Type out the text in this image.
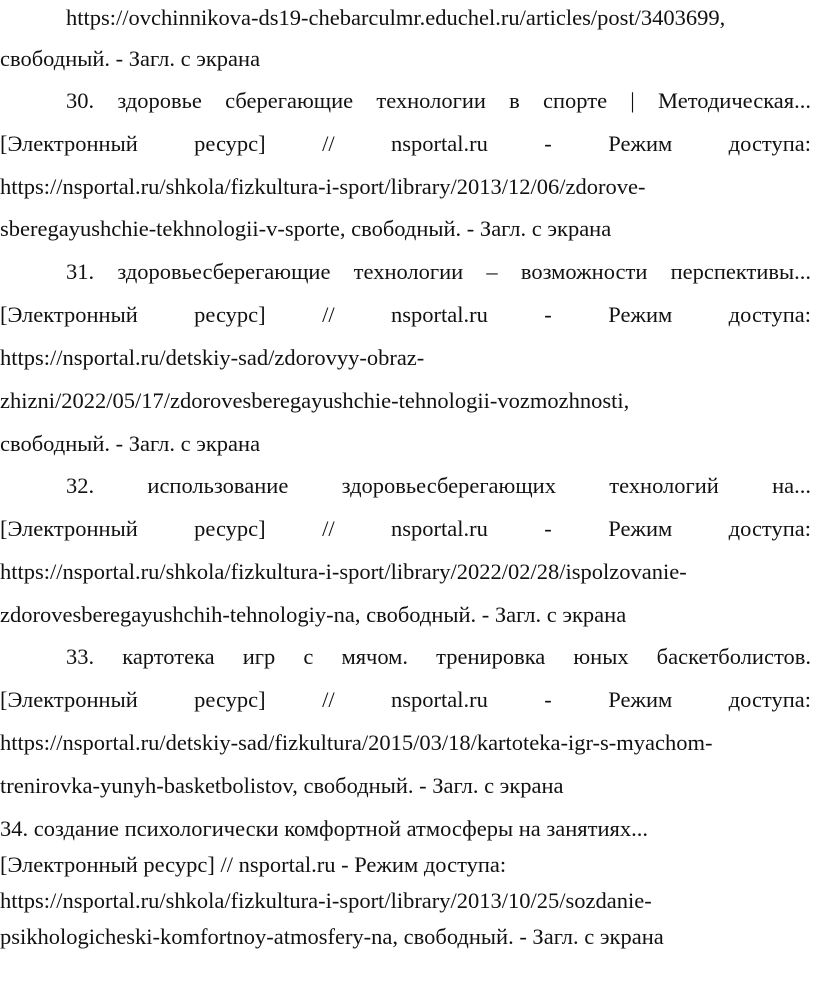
https://ovchinnikova-ds19-chebarculmr.educhel.ru/articles/post/3403699,
свободный. - Загл. с экрана
30. здоровье сберегающие технологии в спорте | Методическая...
[Электронный ресурс] // nsportal.ru - Режим доступа:
https://nsportal.ru/shkola/fizkultura-i-sport/library/2013/12/06/zdorove-
sberegayushchie-tekhnologii-v-sporte, свободный. - Загл. с экрана
31. здоровьесберегающие технологии – возможности перспективы...
[Электронный ресурс] // nsportal.ru - Режим доступа:
https://nsportal.ru/detskiy-sad/zdorovyy-obraz-
zhizni/2022/05/17/zdorovesberegayushchie-tehnologii-vozmozhnosti,
свободный. - Загл. с экрана
32. использование здоровьесберегающих технологий на...
[Электронный ресурс] // nsportal.ru - Режим доступа:
https://nsportal.ru/shkola/fizkultura-i-sport/library/2022/02/28/ispolzovanie-
zdorovesberegayushchih-tehnologiy-na, свободный. - Загл. с экрана
33. картотека игр с мячом. тренировка юных баскетболистов.
[Электронный ресурс] // nsportal.ru - Режим доступа:
https://nsportal.ru/detskiy-sad/fizkultura/2015/03/18/kartoteka-igr-s-myachom-
trenirovka-yunyh-basketbolistov, свободный. - Загл. с экрана
34. создание психологически комфортной атмосферы на занятиях...
[Электронный ресурс] // nsportal.ru - Режим доступа:
https://nsportal.ru/shkola/fizkultura-i-sport/library/2013/10/25/sozdanie-
psikhologicheski-komfortnoy-atmosfery-na, свободный. - Загл. с экрана
